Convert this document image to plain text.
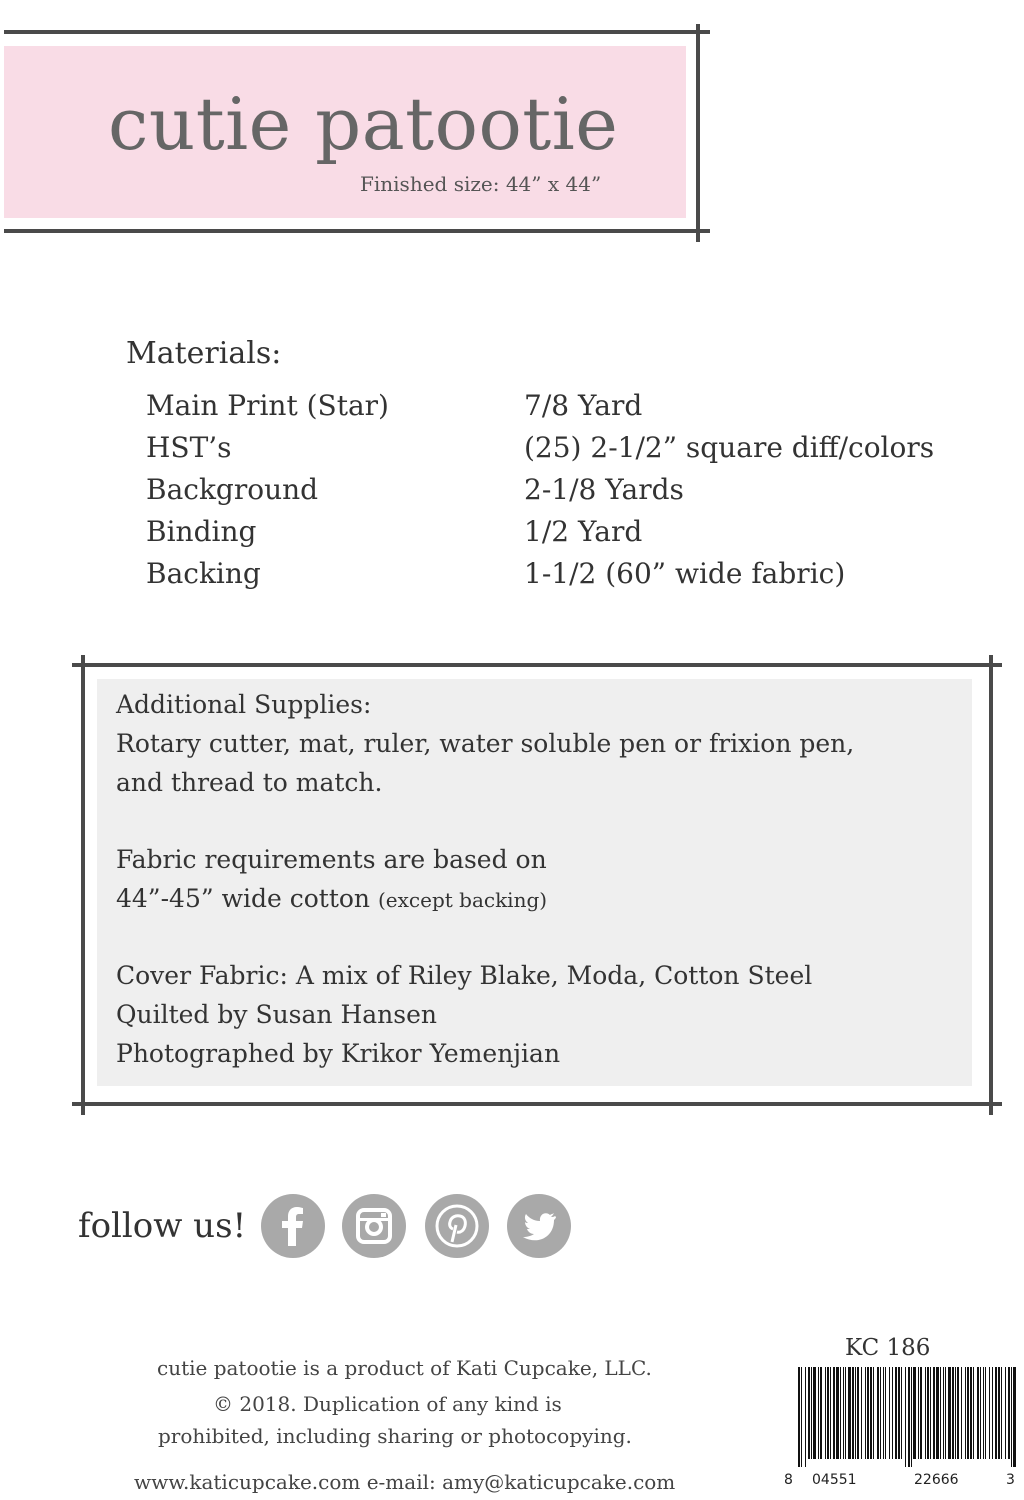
cutie patootie
Finished size: 44” x 44”
Materials:
Main Print (Star)	7/8 Yard
HST’s	(25) 2-1/2” square diff/colors
Background	2-1/8 Yards
Binding	1/2 Yard
Backing	1-1/2 (60” wide fabric)
Additional Supplies:
Rotary cutter, mat, ruler, water soluble pen or frixion pen,
and thread to match.
Fabric requirements are based on
44”-45” wide cotton (except backing)
Cover Fabric: A mix of Riley Blake, Moda, Cotton Steel
Quilted by Susan Hansen
Photographed by Krikor Yemenjian
follow us!
cutie patootie is a product of Kati Cupcake, LLC.
© 2018. Duplication of any kind is
prohibited, including sharing or photocopying.
www.katicupcake.com e-mail: amy@katicupcake.com
KC 186
8 04551	22666	3
